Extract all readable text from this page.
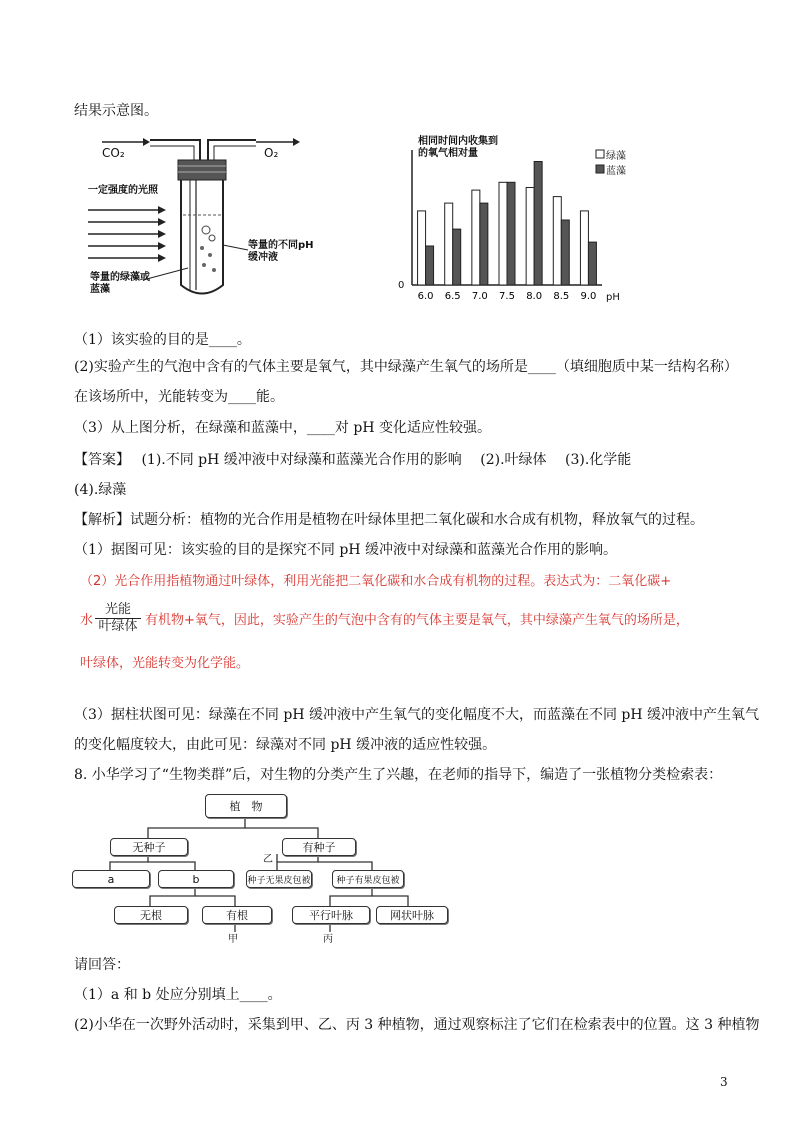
结果示意图。
CO₂	O₂
一定强度的光照
等量的不同pH缓冲液
等量的绿藻或蓝藻
6.0 6.5 7.0 7.5 8.0 8.5 9.0
相同时间内收集到的氧气相对量
0
pH
绿藻
蓝藻
（1）该实验的目的是____。
(2)实验产生的气泡中含有的气体主要是氧气，其中绿藻产生氧气的场所是____（填细胞质中某一结构名称）
在该场所中，光能转变为____能。
（3）从上图分析，在绿藻和蓝藻中，____对 pH 变化适应性较强。
【答案】　 (1).不同 pH 缓冲液中对绿藻和蓝藻光合作用的影响　 (2).叶绿体　 (3).化学能
(4).绿藻
【解析】试题分析：植物的光合作用是植物在叶绿体里把二氧化碳和水合成有机物，释放氧气的过程。
（1）据图可见：该实验的目的是探究不同 pH 缓冲液中对绿藻和蓝藻光合作用的影响。
（2）光合作用指植物通过叶绿体，利用光能把二氧化碳和水合成有机物的过程。表达式为：二氧化碳+
水
光能
叶绿体 有机物+氧气，因此，实验产生的气泡中含有的气体主要是氧气，其中绿藻产生氧气的场所是，
叶绿体，光能转变为化学能。
（3）据柱状图可见：绿藻在不同 pH 缓冲液中产生氧气的变化幅度不大，而蓝藻在不同 pH 缓冲液中产生氧气
的变化幅度较大，由此可见：绿藻对不同 pH 缓冲液的适应性较强。
8. 小华学习了“生物类群”后，对生物的分类产生了兴趣，在老师的指导下，编造了一张植物分类检索表：
植　物
无种子	有种子
a	b	种子无果皮包被	种子有果皮包被
无根	有根	平行叶脉	网状叶脉
甲
乙
丙
请回答：
（1）a 和 b 处应分别填上____。
(2)小华在一次野外活动时，采集到甲、乙、丙 3 种植物，通过观察标注了它们在检索表中的位置。这 3 种植物
3
